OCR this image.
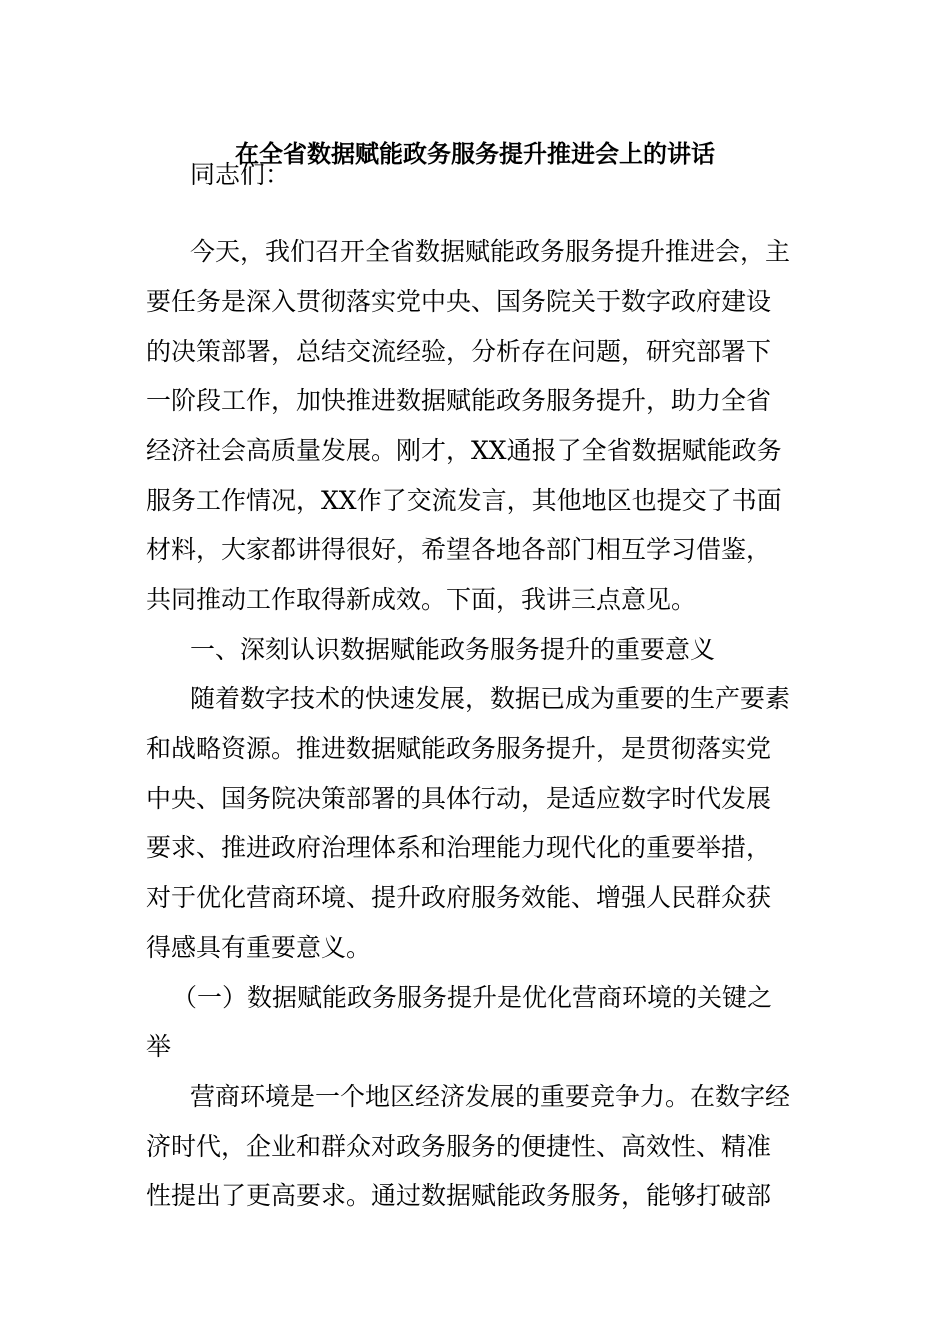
在全省数据赋能政务服务提升推进会上的讲话
同志们：
今天，我们召开全省数据赋能政务服务提升推进会，主
要任务是深入贯彻落实党中央、国务院关于数字政府建设
的决策部署，总结交流经验，分析存在问题，研究部署下
一阶段工作，加快推进数据赋能政务服务提升，助力全省
经济社会高质量发展。刚才，XX通报了全省数据赋能政务
服务工作情况，XX作了交流发言，其他地区也提交了书面
材料，大家都讲得很好，希望各地各部门相互学习借鉴，
共同推动工作取得新成效。下面，我讲三点意见。
一、深刻认识数据赋能政务服务提升的重要意义
随着数字技术的快速发展，数据已成为重要的生产要素
和战略资源。推进数据赋能政务服务提升，是贯彻落实党
中央、国务院决策部署的具体行动，是适应数字时代发展
要求、推进政府治理体系和治理能力现代化的重要举措，
对于优化营商环境、提升政府服务效能、增强人民群众获
得感具有重要意义。
（一）数据赋能政务服务提升是优化营商环境的关键之
举
营商环境是一个地区经济发展的重要竞争力。在数字经
济时代，企业和群众对政务服务的便捷性、高效性、精准
性提出了更高要求。通过数据赋能政务服务，能够打破部
